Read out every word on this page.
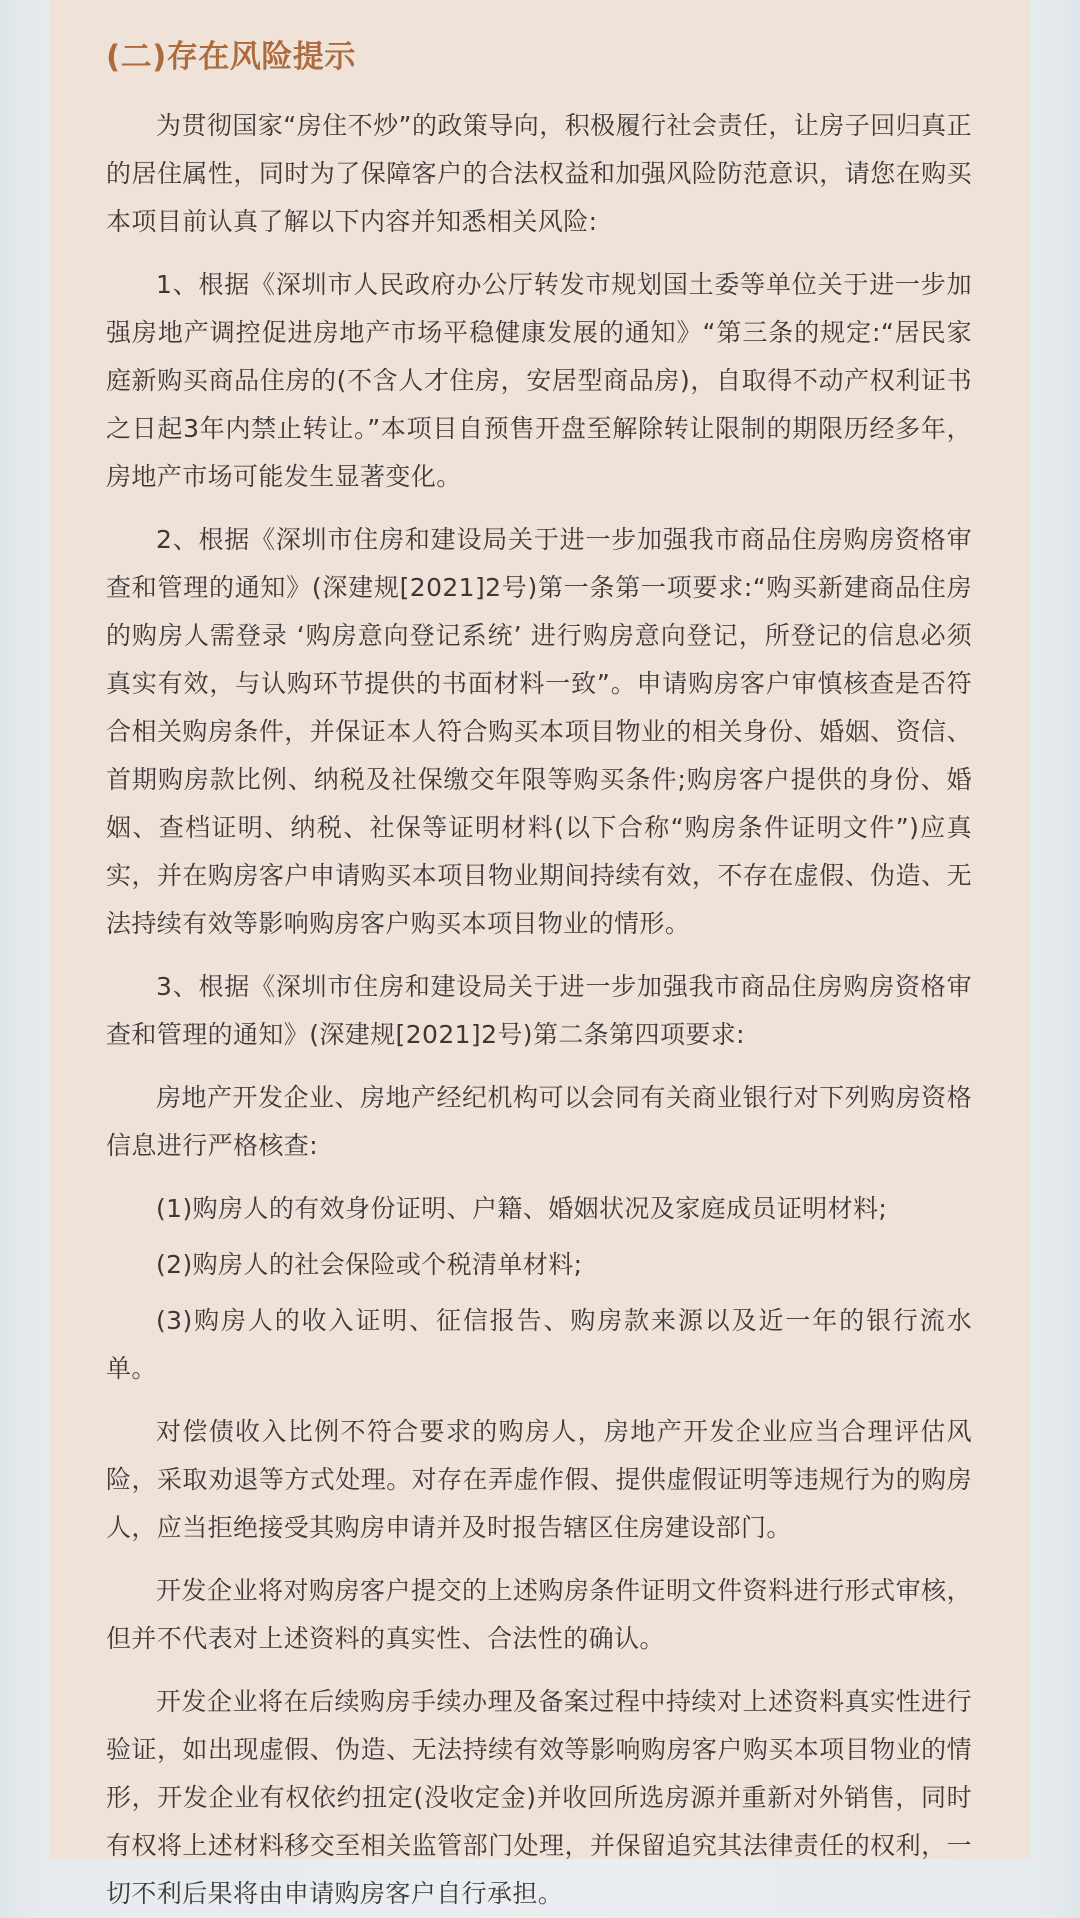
(二)存在风险提示

为贯彻国家“房住不炒”的政策导向，积极履行社会责任，让房子回归真正的居住属性，同时为了保障客户的合法权益和加强风险防范意识，请您在购买本项目前认真了解以下内容并知悉相关风险:

1、根据《深圳市人民政府办公厅转发市规划国土委等单位关于进一步加强房地产调控促进房地产市场平稳健康发展的通知》“第三条的规定:“居民家庭新购买商品住房的(不含人才住房，安居型商品房)，自取得不动产权利证书之日起3年内禁止转让。”本项目自预售开盘至解除转让限制的期限历经多年，房地产市场可能发生显著变化。

2、根据《深圳市住房和建设局关于进一步加强我市商品住房购房资格审查和管理的通知》(深建规[2021]2号)第一条第一项要求:“购买新建商品住房的购房人需登录 ‘购房意向登记系统’ 进行购房意向登记，所登记的信息必须真实有效，与认购环节提供的书面材料一致”。申请购房客户审慎核查是否符合相关购房条件，并保证本人符合购买本项目物业的相关身份、婚姻、资信、首期购房款比例、纳税及社保缴交年限等购买条件;购房客户提供的身份、婚姻、查档证明、纳税、社保等证明材料(以下合称“购房条件证明文件”)应真实，并在购房客户申请购买本项目物业期间持续有效，不存在虚假、伪造、无法持续有效等影响购房客户购买本项目物业的情形。

3、根据《深圳市住房和建设局关于进一步加强我市商品住房购房资格审查和管理的通知》(深建规[2021]2号)第二条第四项要求:

房地产开发企业、房地产经纪机构可以会同有关商业银行对下列购房资格信息进行严格核查:

(1)购房人的有效身份证明、户籍、婚姻状况及家庭成员证明材料;

(2)购房人的社会保险或个税清单材料;

(3)购房人的收入证明、征信报告、购房款来源以及近一年的银行流水单。

对偿债收入比例不符合要求的购房人，房地产开发企业应当合理评估风险，采取劝退等方式处理。对存在弄虚作假、提供虚假证明等违规行为的购房人，应当拒绝接受其购房申请并及时报告辖区住房建设部门。

开发企业将对购房客户提交的上述购房条件证明文件资料进行形式审核，但并不代表对上述资料的真实性、合法性的确认。

开发企业将在后续购房手续办理及备案过程中持续对上述资料真实性进行验证，如出现虚假、伪造、无法持续有效等影响购房客户购买本项目物业的情形，开发企业有权依约扭定(没收定金)并收回所选房源并重新对外销售，同时有权将上述材料移交至相关监管部门处理，并保留追究其法律责任的权利，一切不利后果将由申请购房客户自行承担。
